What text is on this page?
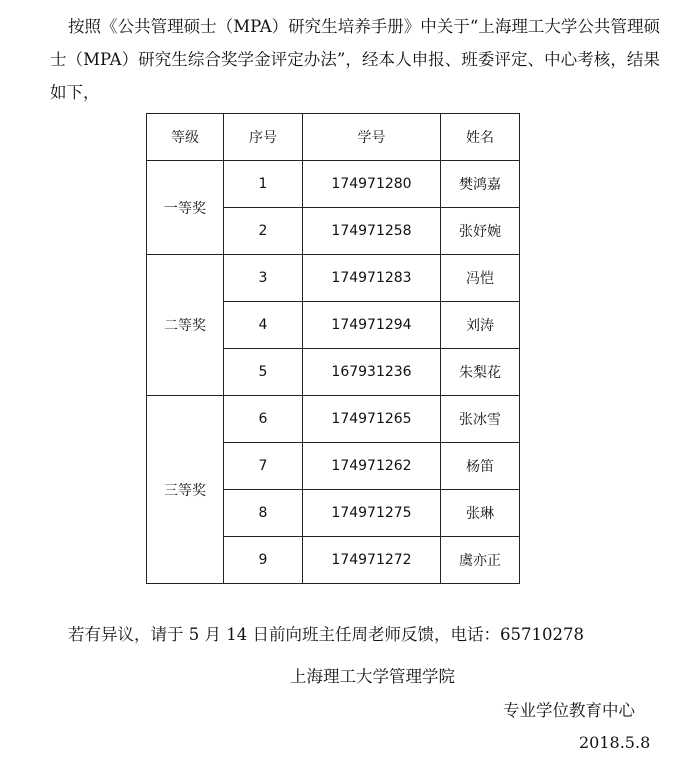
按照《公共管理硕士（MPA）研究生培养手册》中关于“上海理工大学公共管理硕士（MPA）研究生综合奖学金评定办法”，经本人申报、班委评定、中心考核，结果如下，
等级	序号	学号	姓名
一等奖	1	174971280	樊鸿嘉
	2	174971258	张妤婉
二等奖	3	174971283	冯恺
	4	174971294	刘涛
	5	167931236	朱梨花
三等奖	6	174971265	张冰雪
	7	174971262	杨笛
	8	174971275	张琳
	9	174971272	虞亦正
若有异议，请于 5 月 14 日前向班主任周老师反馈，电话：65710278
上海理工大学管理学院
专业学位教育中心
2018.5.8
